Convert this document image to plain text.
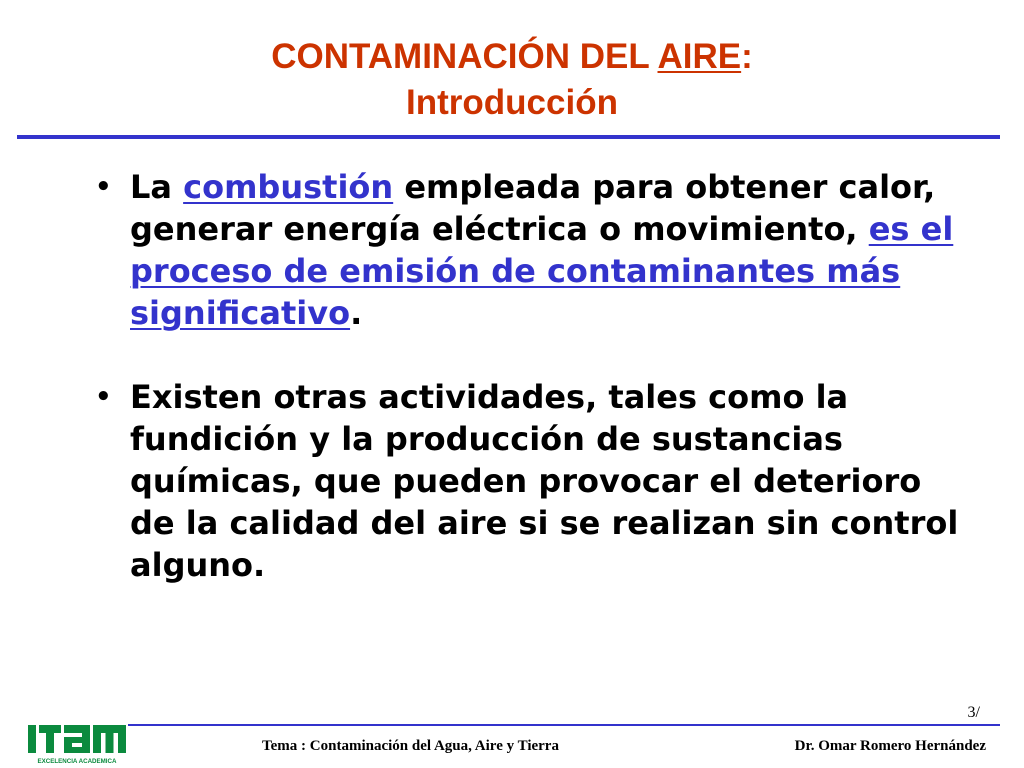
CONTAMINACIÓN DEL AIRE:
Introducción
• La combustión empleada para obtener calor, generar energía eléctrica o movimiento, es el proceso de emisión de contaminantes más significativo.
• Existen otras actividades, tales como la fundición y la producción de sustancias químicas, que pueden provocar el deterioro de la calidad del aire si se realizan sin control alguno.
3/
EXCELENCIA ACADEMICA
Tema : Contaminación del Agua, Aire y Tierra	Dr. Omar Romero Hernández
